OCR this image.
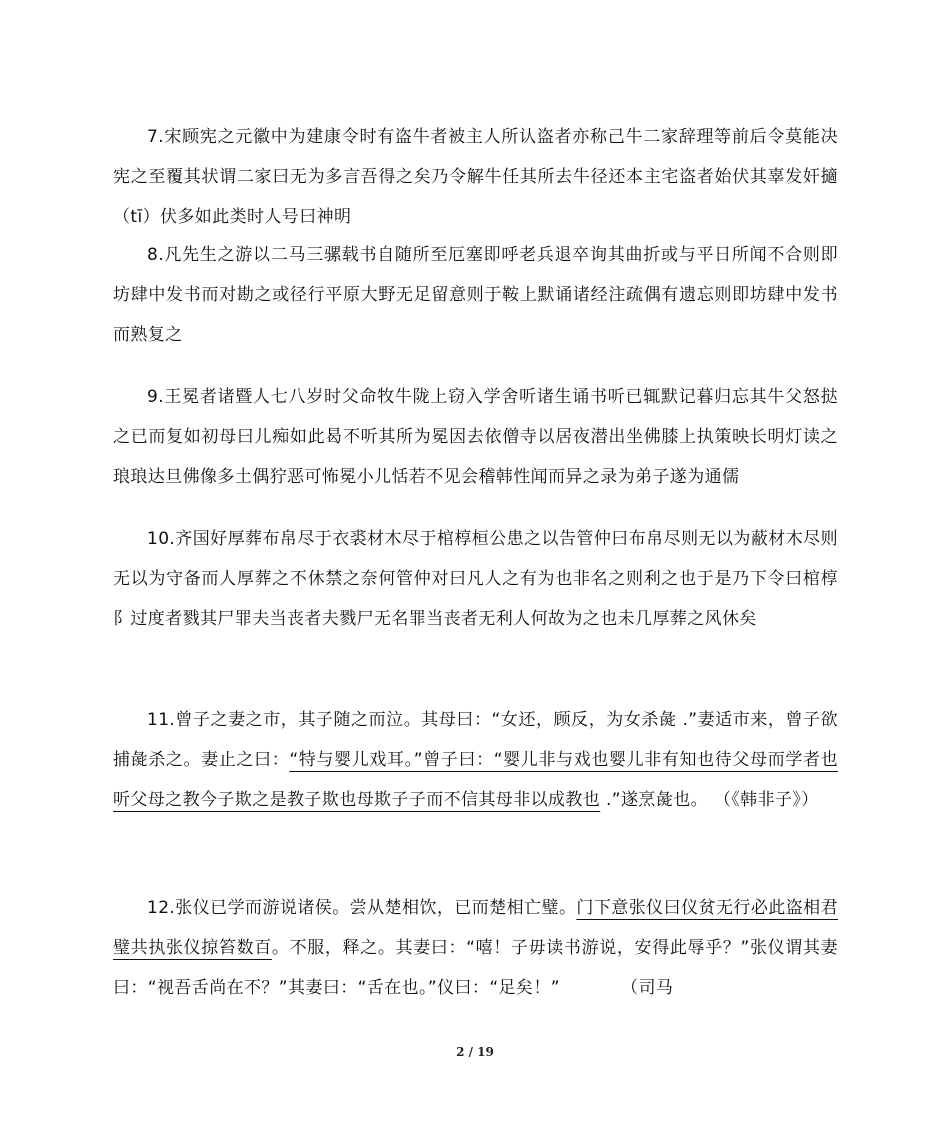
7.宋顾宪之元徽中为建康令时有盗牛者被主人所认盗者亦称己牛二家辞理等前后令莫能决宪之至覆其状谓二家曰无为多言吾得之矣乃令解牛任其所去牛径还本主宅盗者始伏其辜发奸擿（tī）伏多如此类时人号曰神明

8.凡先生之游以二马三骡载书自随所至厄塞即呼老兵退卒询其曲折或与平日所闻不合则即坊肆中发书而对勘之或径行平原大野无足留意则于鞍上默诵诸经注疏偶有遗忘则即坊肆中发书而熟复之

9.王冕者诸暨人七八岁时父命牧牛陇上窃入学舍听诸生诵书听已辄默记暮归忘其牛父怒挞之已而复如初母曰儿痴如此曷不听其所为冕因去依僧寺以居夜潜出坐佛膝上执策映长明灯读之琅琅达旦佛像多土偶狞恶可怖冕小儿恬若不见会稽韩性闻而异之录为弟子遂为通儒

10.齐国好厚葬布帛尽于衣裘材木尽于棺椁桓公患之以告管仲曰布帛尽则无以为蔽材木尽则无以为守备而人厚葬之不休禁之奈何管仲对曰凡人之有为也非名之则利之也于是乃下令曰棺椁阝过度者戮其尸罪夫当丧者夫戮尸无名罪当丧者无利人何故为之也未几厚葬之风休矣

11.曾子之妻之市，其子随之而泣。其母曰：“女还，顾反，为女杀彘 .”妻适市来，曾子欲捕彘杀之。妻止之曰：“特与婴儿戏耳。”曾子曰：“婴儿非与戏也婴儿非有知也待父母而学者也听父母之教今子欺之是教子欺也母欺子子而不信其母非以成教也 .”遂烹彘也。 （《韩非子》）

12.张仪已学而游说诸侯。尝从楚相饮，已而楚相亡璧。门下意张仪曰仪贫无行必此盗相君璧共执张仪掠笞数百。不服，释之。其妻曰：“嘻！子毋读书游说，安得此辱乎？”张仪谓其妻曰：“视吾舌尚在不？”其妻曰：“舌在也。”仪曰：“足矣！”　　　　（司马

2 / 19
